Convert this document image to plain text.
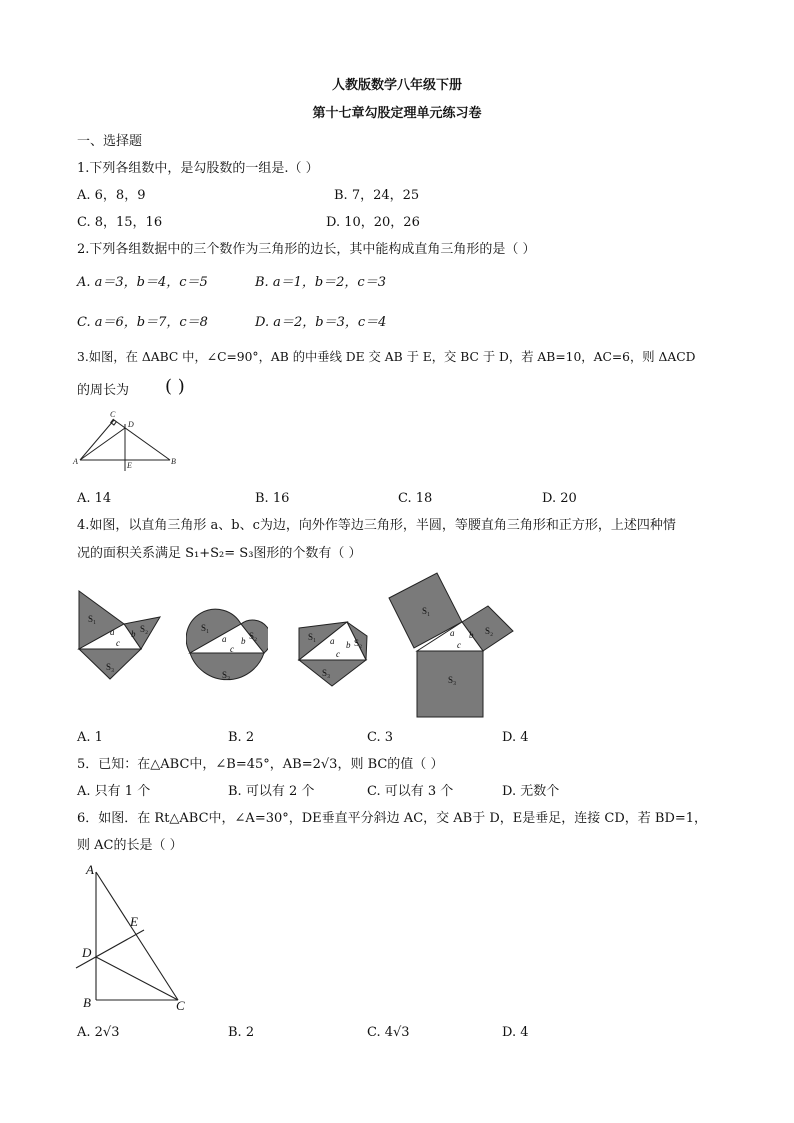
人教版数学八年级下册
第十七章勾股定理单元练习卷
一、选择题
1.下列各组数中，是勾股数的一组是.（ ）
A. 6，8，9	B. 7，24，25
C. 8，15，16	D. 10，20，26
2.下列各组数据中的三个数作为三角形的边长，其中能构成直角三角形的是（ ）
A. a＝3，b＝4，c＝5	B. a＝1，b＝2，c＝3
C. a＝6，b＝7，c＝8	D. a＝2，b＝3，c＝4
3.如图，在 ΔABC 中，∠C=90°，AB 的中垂线 DE 交 AB 于 E，交 BC 于 D，若 AB=10，AC=6，则 ΔACD
的周长为 ( )
C
D
A	E	B
A. 14	B. 16	C. 18	D. 20
4.如图，以直角三角形 a、b、c为边，向外作等边三角形，半圆，等腰直角三角形和正方形，上述四种情
况的面积关系满足 S₁+S₂= S₃图形的个数有（ ）
S₁
S₂
S₃
a b
c
S₁
S₂
S₃
a b
c
S₁
S₂
S₃
a b
c
S₁
S₂
S₃
a b
c
A. 1	B. 2	C. 3	D. 4
5．已知：在△ABC中，∠B=45°，AB=2√3，则 BC的值（ ）
A. 只有 1 个	B. 可以有 2 个	C. 可以有 3 个	D. 无数个
6．如图．在 Rt△ABC中，∠A=30°，DE垂直平分斜边 AC，交 AB于 D，E是垂足，连接 CD，若 BD=1，
则 AC的长是（ ）
A
E
D
B	C
A. 2√3	B. 2	C. 4√3	D. 4
